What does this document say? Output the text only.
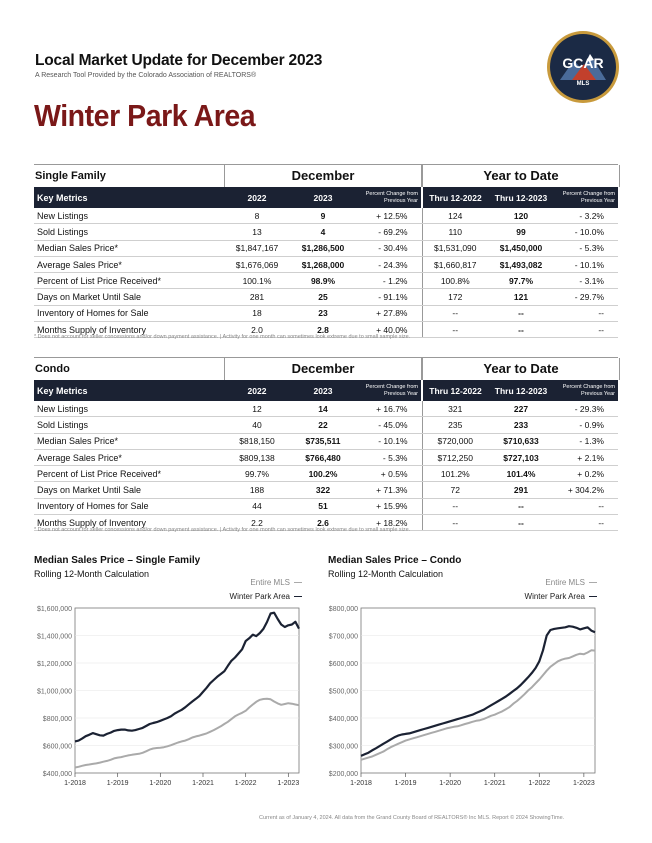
Local Market Update for December 2023
A Research Tool Provided by the Colorado Association of REALTORS®
Winter Park Area
GCAR
MLS
Single Family	December	Year to Date
Key Metrics	2022	2023	Percent Change from Previous Year	Thru 12-2022	Thru 12-2023	Percent Change from Previous Year
New Listings	8	9	+ 12.5%	124	120	- 3.2%
Sold Listings	13	4	- 69.2%	110	99	- 10.0%
Median Sales Price*	$1,847,167	$1,286,500	- 30.4%	$1,531,090	$1,450,000	- 5.3%
Average Sales Price*	$1,676,069	$1,268,000	- 24.3%	$1,660,817	$1,493,082	- 10.1%
Percent of List Price Received*	100.1%	98.9%	- 1.2%	100.8%	97.7%	- 3.1%
Days on Market Until Sale	281	25	- 91.1%	172	121	- 29.7%
Inventory of Homes for Sale	18	23	+ 27.8%	--	--	--
Months Supply of Inventory	2.0	2.8	+ 40.0%	--	--	--
* Does not account for seller concessions and/or down payment assistance. | Activity for one month can sometimes look extreme due to small sample size.
Condo	December	Year to Date
Key Metrics	2022	2023	Percent Change from Previous Year	Thru 12-2022	Thru 12-2023	Percent Change from Previous Year
New Listings	12	14	+ 16.7%	321	227	- 29.3%
Sold Listings	40	22	- 45.0%	235	233	- 0.9%
Median Sales Price*	$818,150	$735,511	- 10.1%	$720,000	$710,633	- 1.3%
Average Sales Price*	$809,138	$766,480	- 5.3%	$712,250	$727,103	+ 2.1%
Percent of List Price Received*	99.7%	100.2%	+ 0.5%	101.2%	101.4%	+ 0.2%
Days on Market Until Sale	188	322	+ 71.3%	72	291	+ 304.2%
Inventory of Homes for Sale	44	51	+ 15.9%	--	--	--
Months Supply of Inventory	2.2	2.6	+ 18.2%	--	--	--
* Does not account for seller concessions and/or down payment assistance. | Activity for one month can sometimes look extreme due to small sample size.
Median Sales Price – Single Family
Rolling 12-Month Calculation
Entire MLS
Winter Park Area
$400,000
$600,000
$800,000
$1,000,000
$1,200,000
$1,400,000
$1,600,000
1-2018	1-2019	1-2020	1-2021	1-2022	1-2023
Median Sales Price – Condo
Rolling 12-Month Calculation
Entire MLS
Winter Park Area
$200,000
$300,000
$400,000
$500,000
$600,000
$700,000
$800,000
1-2018	1-2019	1-2020	1-2021	1-2022	1-2023
Current as of January 4, 2024. All data from the Grand County Board of REALTORS® Inc MLS. Report © 2024 ShowingTime.
